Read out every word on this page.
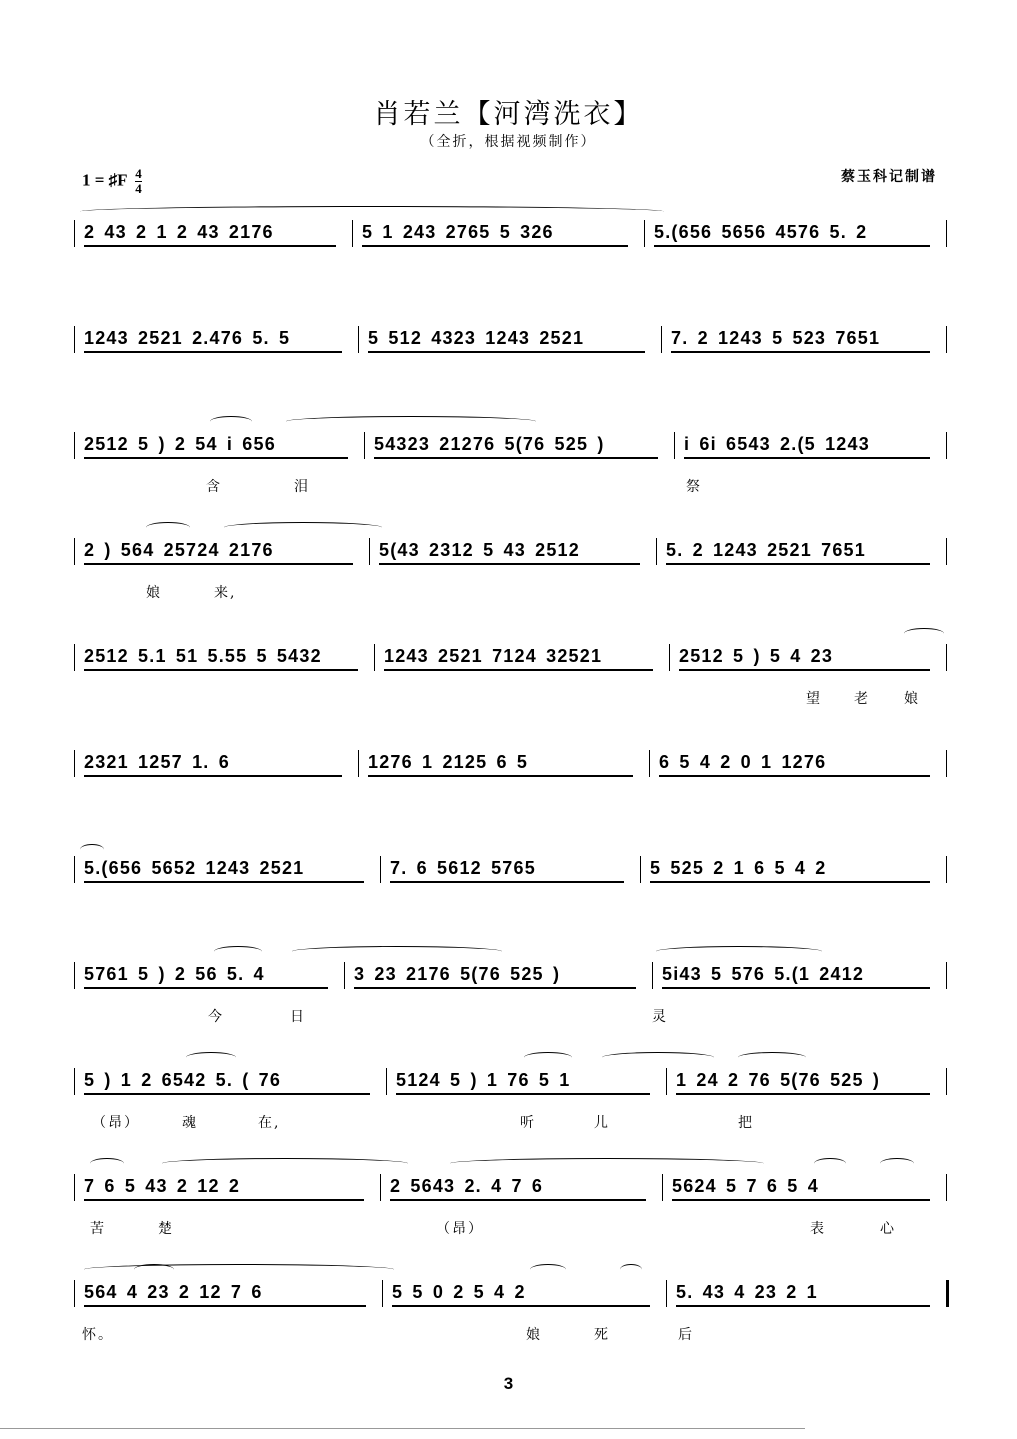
肖若兰【河湾洗衣】
（全折，根据视频制作）
1 = ♯F $\frac{4}{4}$	蔡玉科记制谱
2 43 2 1 2 43 2176	5 1 243 2765 5 326	5.(656 5656 4576 5. 2
1243 2521 2.476 5. 5	5 512 4323 1243 2521	7. 2 1243 5 523 7651
2512 5 ) 2 54 i 656	54323 21276 5(76 525 )	i 6i 6543 2.(5 1243
含	泪	祭
2 ) 564 25724 2176	5(43 2312 5 43 2512	5. 2 1243 2521 7651
娘	来,
2512 5.1 51 5.55 5 5432	1243 2521 7124 32521	2512 5 ) 5 4 23
望 老 娘
2321 1257 1. 6	1276 1 2125 6 5	6 5 4 2 0 1 1276
5.(656 5652 1243 2521	7. 6 5612 5765	5 525 2 1 6 5 4 2
5761 5 ) 2 56 5. 4	3 23 2176 5(76 525 )	5i43 5 576 5.(1 2412
今	日	灵
5 ) 1 2 6542 5. ( 76	5124 5 ) 1 76 5 1	1 24 2 76 5(76 525 )
（昂）	魂	在,	听	儿	把
7 6 5 43 2 12 2	2 5643 2. 4 7 6	5624 5 7 6 5 4
苦	楚	（昂）	表	心
564 4 23 2 12 7 6	5 5 0 2 5 4 2	5. 43 4 23 2 1
怀。	娘	死	后
3
